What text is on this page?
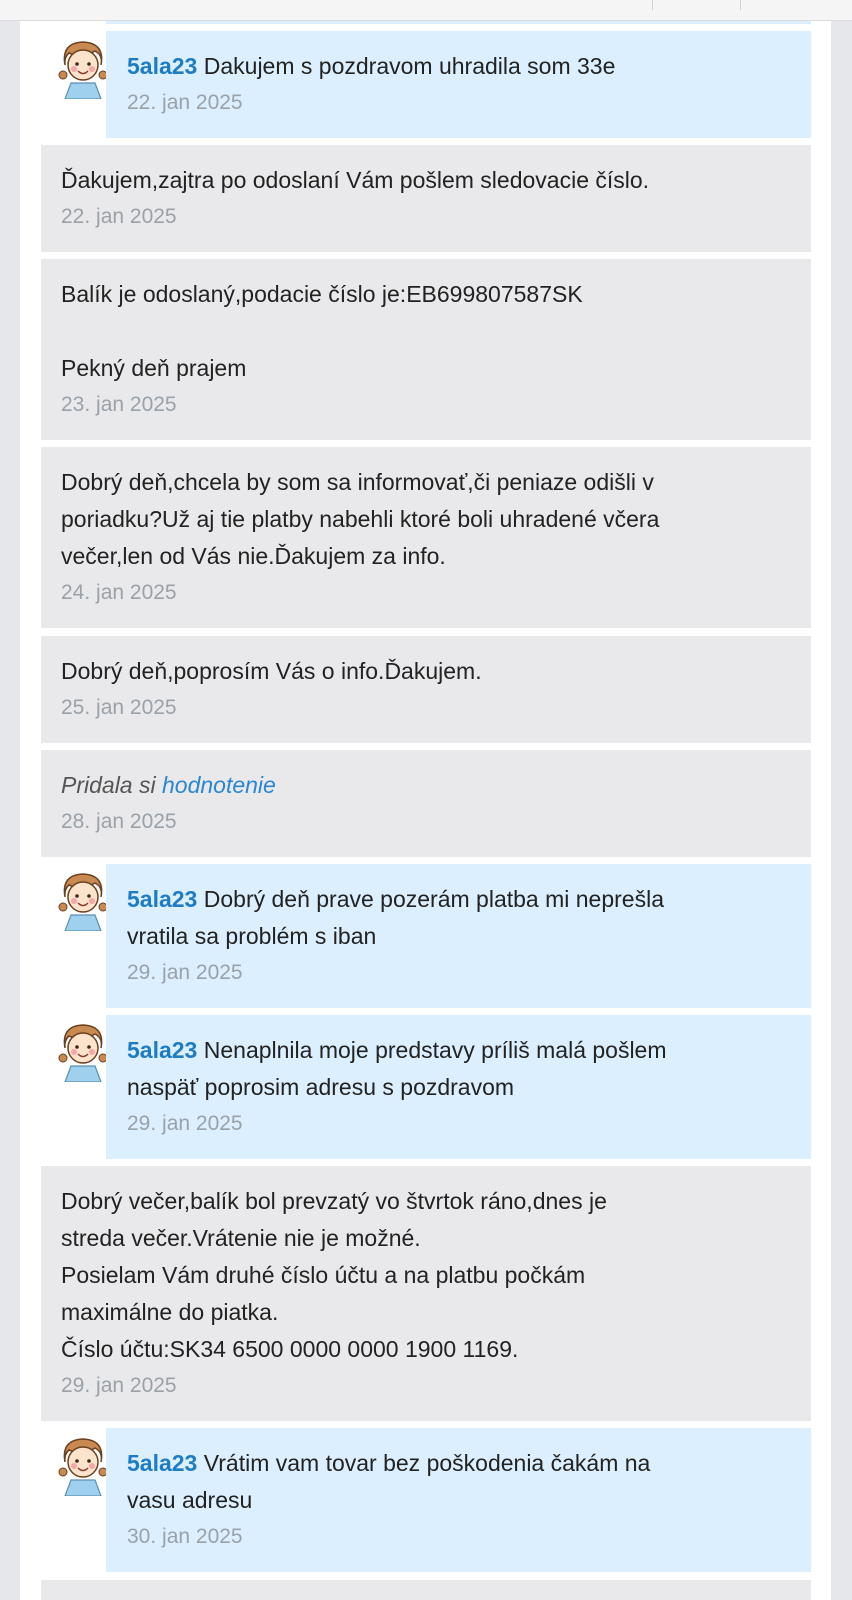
5ala23 Dakujem s pozdravom uhradila som 33e
22. jan 2025
Ďakujem,zajtra po odoslaní Vám pošlem sledovacie číslo.
22. jan 2025
Balík je odoslaný,podacie číslo je:EB699807587SK

Pekný deň prajem
23. jan 2025
Dobrý deň,chcela by som sa informovať,či peniaze odišli v
poriadku?Už aj tie platby nabehli ktoré boli uhradené včera
večer,len od Vás nie.Ďakujem za info.
24. jan 2025
Dobrý deň,poprosím Vás o info.Ďakujem.
25. jan 2025
Pridala si hodnotenie
28. jan 2025
5ala23 Dobrý deň prave pozerám platba mi neprešla
vratila sa problém s iban
29. jan 2025
5ala23 Nenaplnila moje predstavy príliš malá pošlem
naspäť poprosim adresu s pozdravom
29. jan 2025
Dobrý večer,balík bol prevzatý vo štvrtok ráno,dnes je
streda večer.Vrátenie nie je možné.
Posielam Vám druhé číslo účtu a na platbu počkám
maximálne do piatka.
Číslo účtu:SK34 6500 0000 0000 1900 1169.
29. jan 2025
5ala23 Vrátim vam tovar bez poškodenia čakám na
vasu adresu
30. jan 2025
